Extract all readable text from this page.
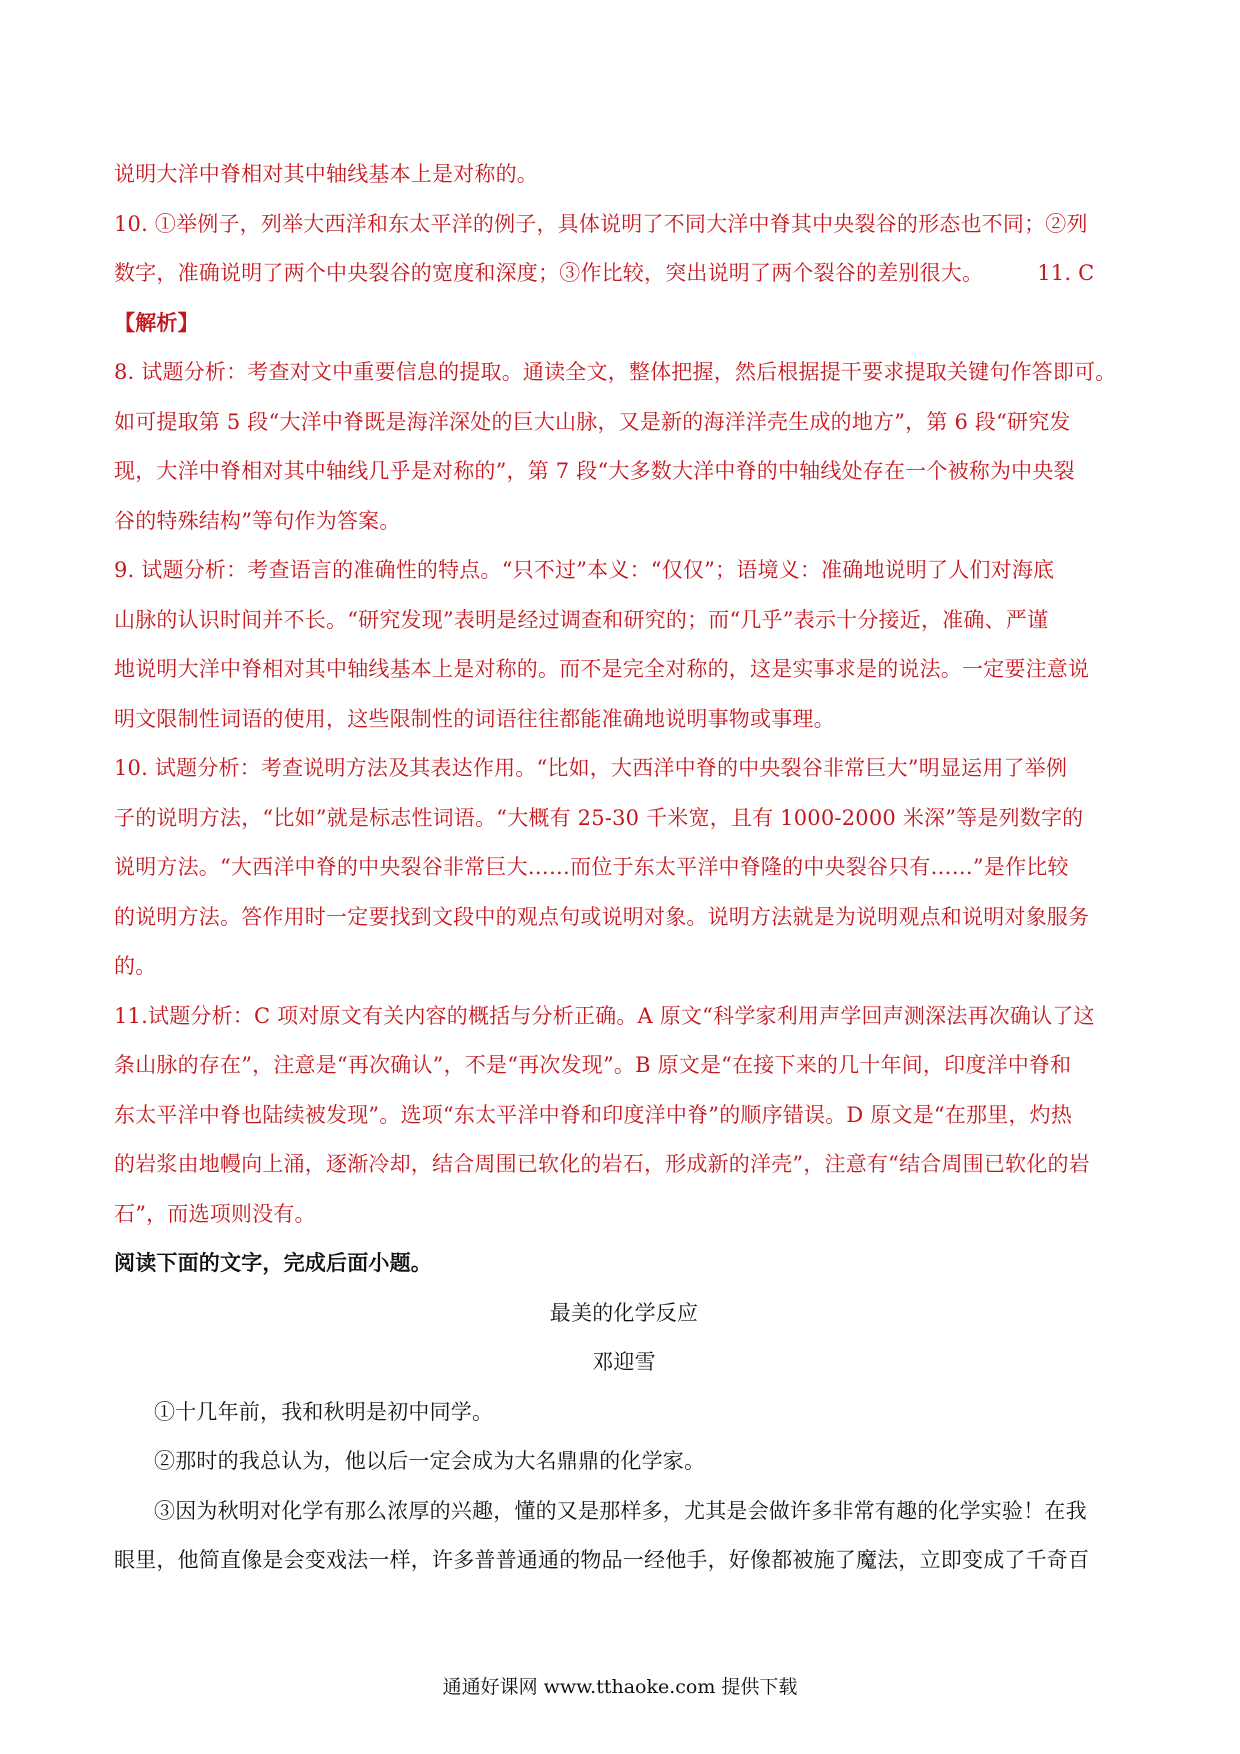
说明大洋中脊相对其中轴线基本上是对称的。
10. ①举例子，列举大西洋和东太平洋的例子，具体说明了不同大洋中脊其中央裂谷的形态也不同；②列
数字，准确说明了两个中央裂谷的宽度和深度；③作比较，突出说明了两个裂谷的差别很大。	11. C
【解析】
8. 试题分析：考查对文中重要信息的提取。通读全文，整体把握，然后根据提干要求提取关键句作答即可。
如可提取第 5 段“大洋中脊既是海洋深处的巨大山脉，又是新的海洋洋壳生成的地方”，第 6 段“研究发
现，大洋中脊相对其中轴线几乎是对称的”，第 7 段“大多数大洋中脊的中轴线处存在一个被称为中央裂
谷的特殊结构”等句作为答案。
9. 试题分析：考查语言的准确性的特点。“只不过”本义：“仅仅”；语境义：准确地说明了人们对海底
山脉的认识时间并不长。“研究发现”表明是经过调查和研究的；而“几乎”表示十分接近，准确、严谨
地说明大洋中脊相对其中轴线基本上是对称的。而不是完全对称的，这是实事求是的说法。一定要注意说
明文限制性词语的使用，这些限制性的词语往往都能准确地说明事物或事理。
10. 试题分析：考查说明方法及其表达作用。“比如，大西洋中脊的中央裂谷非常巨大”明显运用了举例
子的说明方法，“比如”就是标志性词语。“大概有 25-30 千米宽，且有 1000-2000 米深”等是列数字的
说明方法。“大西洋中脊的中央裂谷非常巨大……而位于东太平洋中脊隆的中央裂谷只有……”是作比较
的说明方法。答作用时一定要找到文段中的观点句或说明对象。说明方法就是为说明观点和说明对象服务
的。
11.试题分析：C 项对原文有关内容的概括与分析正确。A 原文“科学家利用声学回声测深法再次确认了这
条山脉的存在”，注意是“再次确认”，不是“再次发现”。B 原文是“在接下来的几十年间，印度洋中脊和
东太平洋中脊也陆续被发现”。选项“东太平洋中脊和印度洋中脊”的顺序错误。D 原文是“在那里，灼热
的岩浆由地幔向上涌，逐渐冷却，结合周围已软化的岩石，形成新的洋壳”，注意有“结合周围已软化的岩
石”，而选项则没有。
阅读下面的文字，完成后面小题。
最美的化学反应
邓迎雪
①十几年前，我和秋明是初中同学。
②那时的我总认为，他以后一定会成为大名鼎鼎的化学家。
③因为秋明对化学有那么浓厚的兴趣，懂的又是那样多，尤其是会做许多非常有趣的化学实验！在我
眼里，他简直像是会变戏法一样，许多普普通通的物品一经他手，好像都被施了魔法，立即变成了千奇百
通通好课网 www.tthaoke.com 提供下载
